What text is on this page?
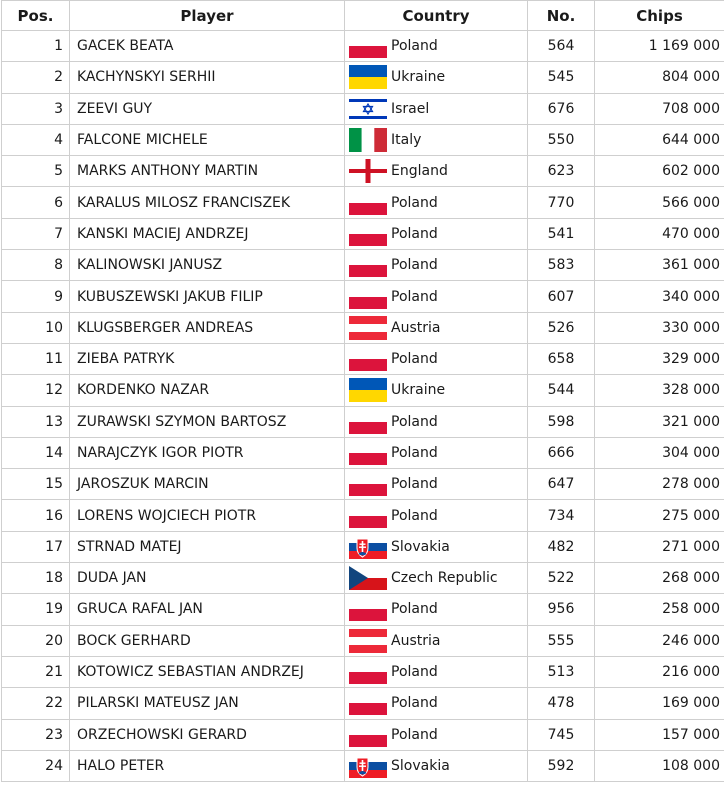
Pos.	Player	Country	No.	Chips
1	GACEK BEATA	Poland	564	1 169 000
2	KACHYNSKYI SERHII	Ukraine	545	804 000
3	ZEEVI GUY	Israel	676	708 000
4	FALCONE MICHELE	Italy	550	644 000
5	MARKS ANTHONY MARTIN	England	623	602 000
6	KARALUS MILOSZ FRANCISZEK	Poland	770	566 000
7	KANSKI MACIEJ ANDRZEJ	Poland	541	470 000
8	KALINOWSKI JANUSZ	Poland	583	361 000
9	KUBUSZEWSKI JAKUB FILIP	Poland	607	340 000
10	KLUGSBERGER ANDREAS	Austria	526	330 000
11	ZIEBA PATRYK	Poland	658	329 000
12	KORDENKO NAZAR	Ukraine	544	328 000
13	ZURAWSKI SZYMON BARTOSZ	Poland	598	321 000
14	NARAJCZYK IGOR PIOTR	Poland	666	304 000
15	JAROSZUK MARCIN	Poland	647	278 000
16	LORENS WOJCIECH PIOTR	Poland	734	275 000
17	STRNAD MATEJ	Slovakia	482	271 000
18	DUDA JAN	Czech Republic	522	268 000
19	GRUCA RAFAL JAN	Poland	956	258 000
20	BOCK GERHARD	Austria	555	246 000
21	KOTOWICZ SEBASTIAN ANDRZEJ	Poland	513	216 000
22	PILARSKI MATEUSZ JAN	Poland	478	169 000
23	ORZECHOWSKI GERARD	Poland	745	157 000
24	HALO PETER	Slovakia	592	108 000
